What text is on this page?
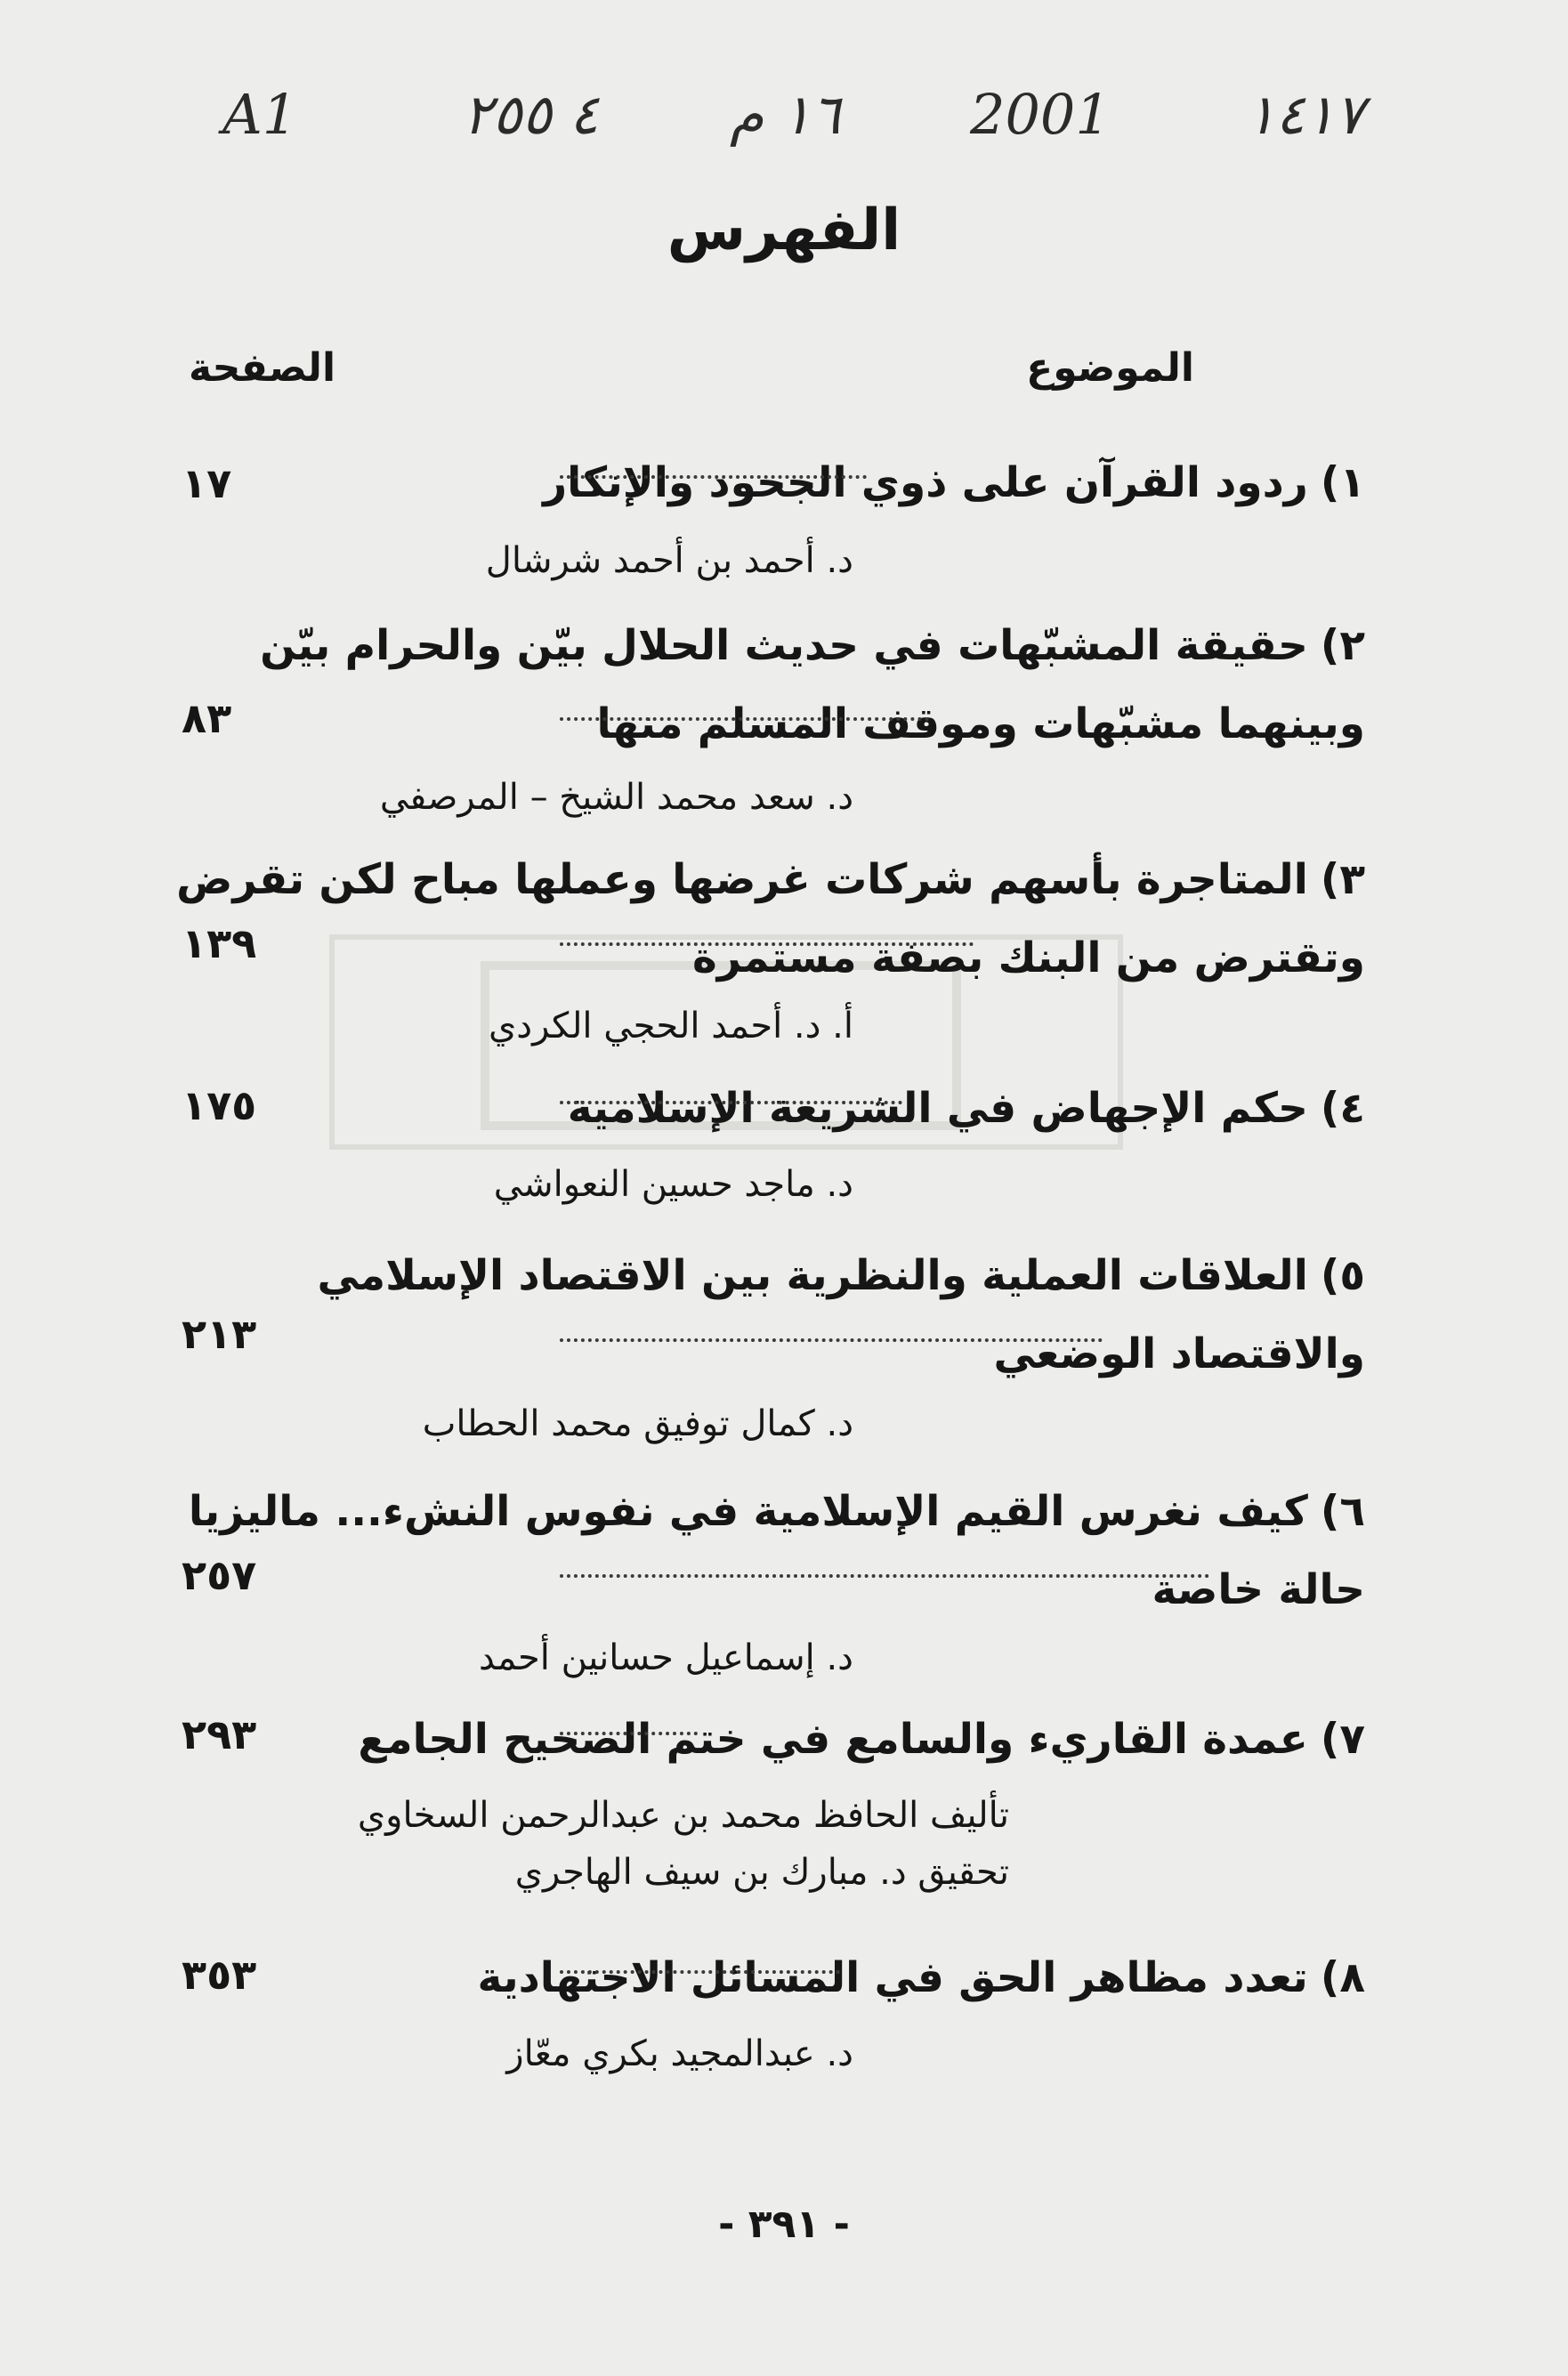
A1	٤ ٢٥٥ ١٦ م 2001 ١٤١٧
الفهرس
الموضوع
الصفحة

١)ردود القرآن على ذوي الجحود والإنكار

١٧
د. أحمد بن أحمد شرشال

٢)حقيقة المشبّهات في حديث الحلال بيّن والحرام بيّن

وبينهما مشبّهات وموقف المسلم منها

٨٣
د. سعد محمد الشيخ – المرصفي

٣)المتاجرة بأسهم شركات غرضها وعملها مباح لكن تقرض

وتقترض من البنك بصفة مستمرة

١٣٩
أ. د. أحمد الحجي الكردي

٤)حكم الإجهاض في الشريعة الإسلامية

١٧٥
د. ماجد حسين النعواشي

٥)العلاقات العملية والنظرية بين الاقتصاد الإسلامي

والاقتصاد الوضعي

٢١٣
د. كمال توفيق محمد الحطاب

٦)كيف نغرس القيم الإسلامية في نفوس النشء... ماليزيا

حالة خاصة

٢٥٧
د. إسماعيل حسانين أحمد

٧)عمدة القاريء والسامع في ختم الصحيح الجامع

٢٩٣
تأليف الحافظ محمد بن عبدالرحمن السخاوي
تحقيق د. مبارك بن سيف الهاجري

٨)تعدد مظاهر الحق في المسائل الاجتهادية

٣٥٣
د. عبدالمجيد بكري معّاز
- ٣٩١ -
